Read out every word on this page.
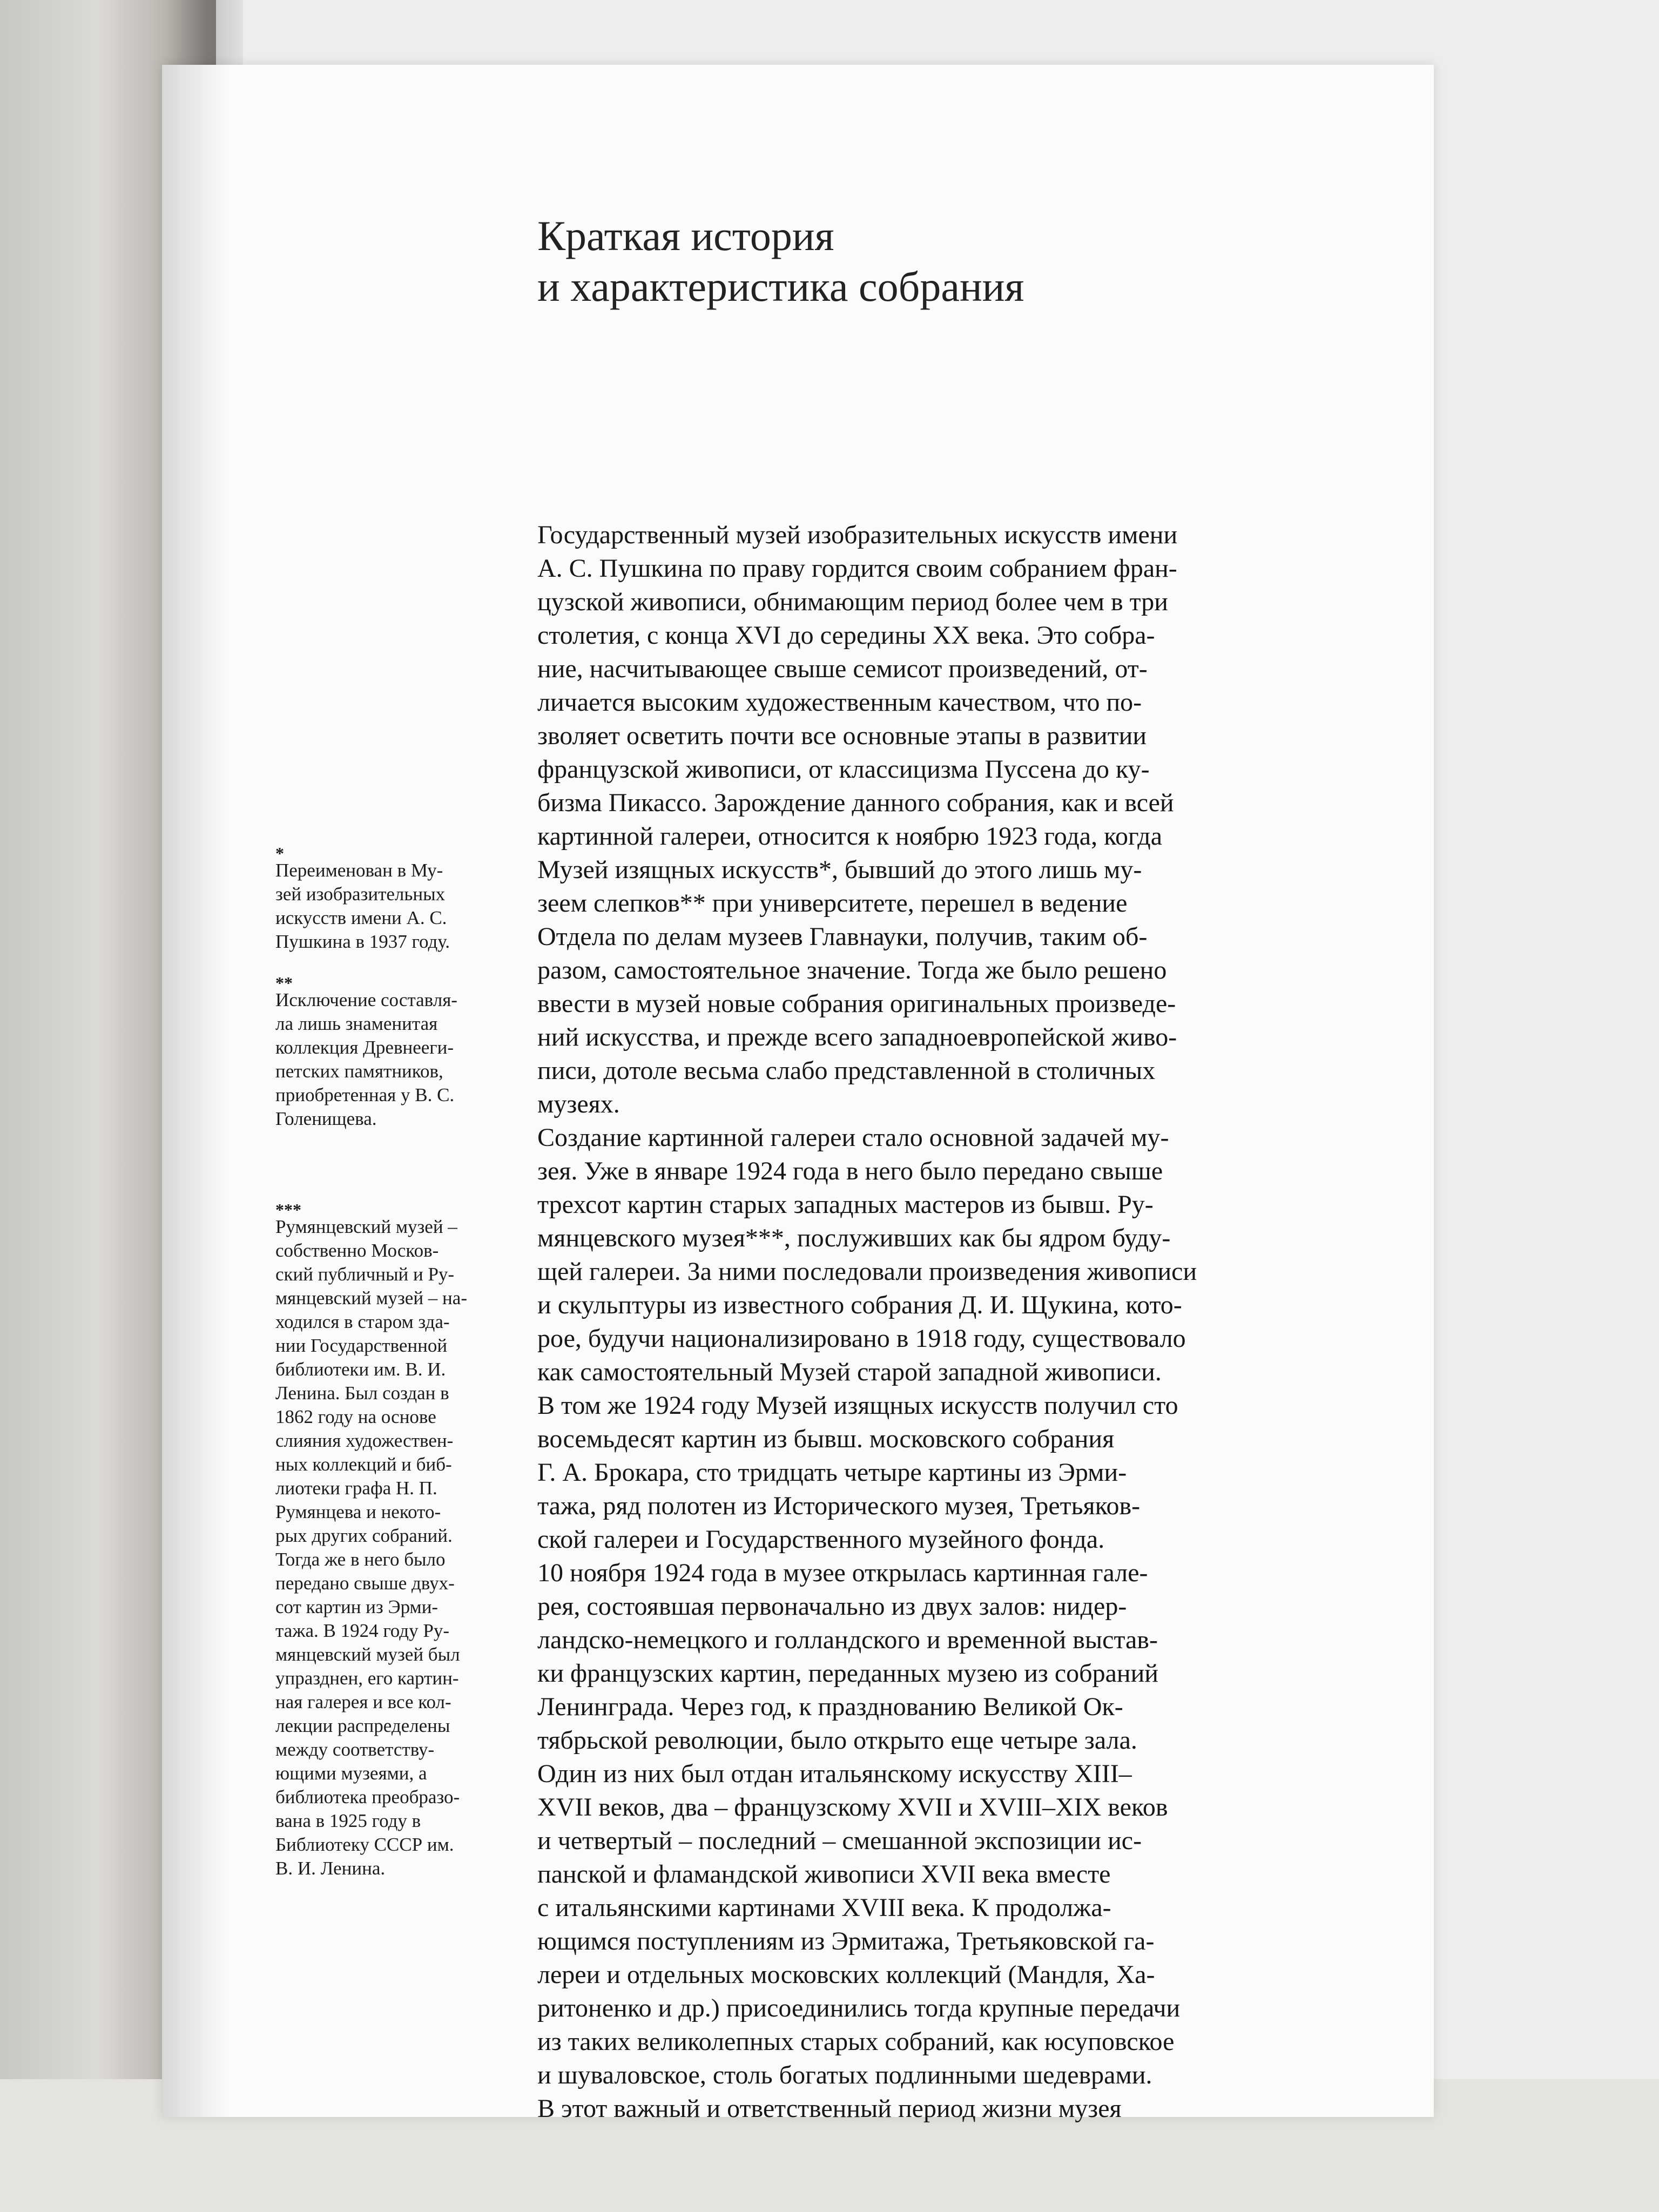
Краткая история
и характеристика собрания
*
Переименован в Му-
зей изобразительных
искусств имени А. С.
Пушкина в 1937 году.
**
Исключение составля-
ла лишь знаменитая
коллекция Древнееги-
петских памятников,
приобретенная у В. С.
Голенищева.
***
Румянцевский музей –
собственно Москов-
ский публичный и Ру-
мянцевский музей – на-
ходился в старом зда-
нии Государственной
библиотеки им. В. И.
Ленина. Был создан в
1862 году на основе
слияния художествен-
ных коллекций и биб-
лиотеки графа Н. П.
Румянцева и некото-
рых других собраний.
Тогда же в него было
передано свыше двух-
сот картин из Эрми-
тажа. В 1924 году Ру-
мянцевский музей был
упразднен, его картин-
ная галерея и все кол-
лекции распределены
между соответству-
ющими музеями, а
библиотека преобразо-
вана в 1925 году в
Библиотеку СССР им.
В. И. Ленина.
Государственный музей изобразительных искусств имени
А. С. Пушкина по праву гордится своим собранием фран-
цузской живописи, обнимающим период более чем в три
столетия, с конца XVI до середины XX века. Это собра-
ние, насчитывающее свыше семисот произведений, от-
личается высоким художественным качеством, что по-
зволяет осветить почти все основные этапы в развитии
французской живописи, от классицизма Пуссена до ку-
бизма Пикассо. Зарождение данного собрания, как и всей
картинной галереи, относится к ноябрю 1923 года, когда
Музей изящных искусств*, бывший до этого лишь му-
зеем слепков** при университете, перешел в ведение
Отдела по делам музеев Главнауки, получив, таким об-
разом, самостоятельное значение. Тогда же было решено
ввести в музей новые собрания оригинальных произведе-
ний искусства, и прежде всего западноевропейской живо-
писи, дотоле весьма слабо представленной в столичных
музеях.
Создание картинной галереи стало основной задачей му-
зея. Уже в январе 1924 года в него было передано свыше
трехсот картин старых западных мастеров из бывш. Ру-
мянцевского музея***, послуживших как бы ядром буду-
щей галереи. За ними последовали произведения живописи
и скульптуры из известного собрания Д. И. Щукина, кото-
рое, будучи национализировано в 1918 году, существовало
как самостоятельный Музей старой западной живописи.
В том же 1924 году Музей изящных искусств получил сто
восемьдесят картин из бывш. московского собрания
Г. А. Брокара, сто тридцать четыре картины из Эрми-
тажа, ряд полотен из Исторического музея, Третьяков-
ской галереи и Государственного музейного фонда.
10 ноября 1924 года в музее открылась картинная гале-
рея, состоявшая первоначально из двух залов: нидер-
ландско-немецкого и голландского и временной выстав-
ки французских картин, переданных музею из собраний
Ленинграда. Через год, к празднованию Великой Ок-
тябрьской революции, было открыто еще четыре зала.
Один из них был отдан итальянскому искусству XIII–
XVII веков, два – французскому XVII и XVIII–XIX веков
и четвертый – последний – смешанной экспозиции ис-
панской и фламандской живописи XVII века вместе
с итальянскими картинами XVIII века. К продолжа-
ющимся поступлениям из Эрмитажа, Третьяковской га-
лереи и отдельных московских коллекций (Мандля, Ха-
ритоненко и др.) присоединились тогда крупные передачи
из таких великолепных старых собраний, как юсуповское
и шуваловское, столь богатых подлинными шедеврами.
В этот важный и ответственный период жизни музея
